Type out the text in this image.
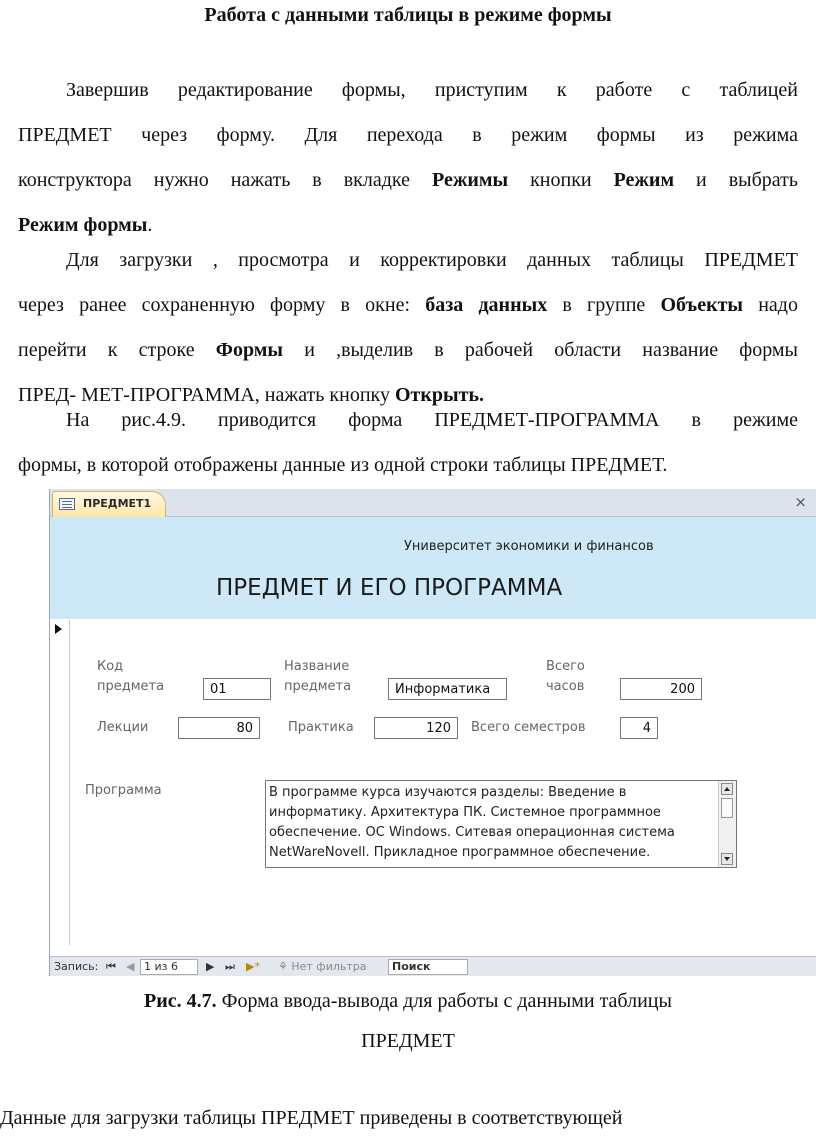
Работа с данными таблицы в режиме формы
Завершив редактирование формы, приступим к работе с таблицей
ПРЕДМЕТ через форму. Для перехода в режим формы из режима
конструктора нужно нажать в вкладке Режимы кнопки Режим и выбрать
Режим формы.
Для загрузки , просмотра и корректировки данных таблицы ПРЕДМЕТ
через ранее сохраненную форму в окне: база данных в группе Объекты надо
перейти к строке Формы и ,выделив в рабочей области название формы
ПРЕД- МЕТ-ПРОГРАММА, нажать кнопку Открыть.
На рис.4.9. приводится форма ПРЕДМЕТ-ПРОГРАММА в режиме
формы, в которой отображены данные из одной строки таблицы ПРЕДМЕТ.
ПРЕДМЕТ1	×
Университет экономики и финансов
ПРЕДМЕТ И ЕГО ПРОГРАММА
Код
предмета	01
Название
предмета	Информатика
Всего
часов	200
Лекции	80	Практика	120	Всего семестров	4
Программа	В программе курса изучаются разделы: Введение в
информатику. Архитектура ПК. Системное программное
обеспечение. ОС Windows. Ситевая операционная система
NetWareNovell. Прикладное программное обеспечение.
Запись: ⏮ ◀ 1 из 6	▶ ⏭ ▶* ⚘ Нет фильтра	Поиск
Рис. 4.7. Форма ввода-вывода для работы с данными таблицы
ПРЕДМЕТ
Данные для загрузки таблицы ПРЕДМЕТ приведены в соответствующей
